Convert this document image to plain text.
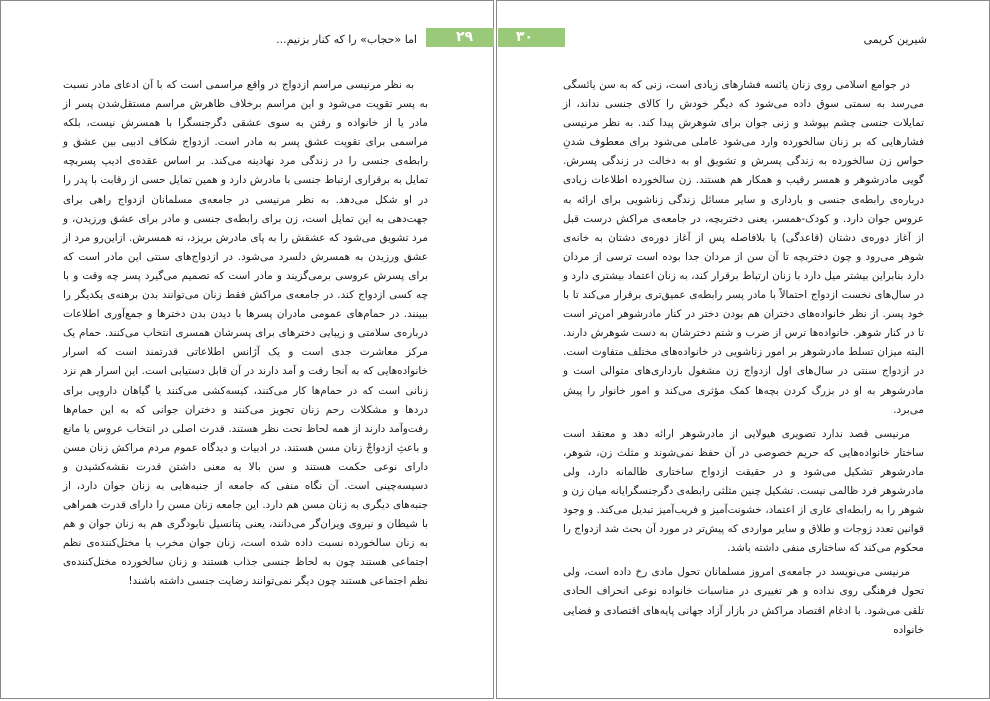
۲۹
اما «حجاب» را که کنار بزنیم...

به نظر مرنیسی مراسم ازدواج در واقع مراسمی است که با آن ادعای مادر نسبت به پسر تقویت می‌شود و این مراسم برخلاف ظاهرش مراسم مستقل‌شدن پسر از مادر یا از خانواده و رفتن به سوی عشقی دگرجنسگرا با همسرش نیست، بلکه مراسمی برای تقویت عشق پسر به مادر است. ازدواج شکاف ادبیی بین عشق و رابطه‌ی جنسی را در زندگی مرد نهادینه می‌کند. بر اساس عقده‌ی ادیپ پسربچه تمایل به برقراری ارتباط جنسی با مادرش دارد و همین تمایل حسی از رقابت با پدر را در او شکل می‌دهد. به نظر مرنیسی در جامعه‌ی مسلمانان ازدواج راهی برای جهت‌دهی به این تمایل است، زن برای رابطه‌ی جنسی و مادر برای عشق ورزیدن، و مرد تشویق می‌شود که عشقش را به پای مادرش بریزد، نه همسرش. ازاین‌رو مرد از عشق ورزیدن به همسرش دلسرد می‌شود. در ازدواج‌های سنتی این مادر است که برای پسرش عروسی برمی‌گزیند و مادر است که تصمیم می‌گیرد پسر چه وقت و با چه کسی ازدواج کند. در جامعه‌ی مراکش فقط زنان می‌توانند بدن برهنه‌ی یکدیگر را ببینند. در حمام‌های عمومی مادران پسرها با دیدن بدن دخترها و جمع‌آوری اطلاعات درباره‌ی سلامتی و زیبایی دخترهای برای پسرشان همسری انتخاب می‌کنند. حمام یک مرکز معاشرت جدی است و یک آژانس اطلاعاتی قدرتمند است که اسرار خانواده‌هایی که به آنجا رفت و آمد دارند در آن قابل دستیابی است. این اسرار هم نزد زنانی است که در حمام‌ها کار می‌کنند، کیسه‌کشی می‌کنند یا گیاهان دارویی برای دردها و مشکلات رحم زنان تجویز می‌کنند و دختران جوانی که به این حمام‌ها رفت‌وآمد دارند از همه لحاظ تحت نظر هستند. قدرت اصلی در انتخاب عروس یا مانع و باعثِ ازدواجْ زنان مسن هستند. در ادبیات و دیدگاه عموم مردم مراکش زنان مسن دارای نوعی حکمت هستند و سن بالا به معنی داشتن قدرت نقشه‌کشیدن و دسیسه‌چینی است. آن نگاه منفی که جامعه از جنبه‌هایی به زنان جوان دارد، از جنبه‌های دیگری به زنان مسن هم دارد. این جامعه زنان مسن را دارای قدرت همراهی با شیطان و نیروی ویران‌گر می‌دانند، یعنی پتانسیل نابودگری هم به زنان جوان و هم به زنان سالخورده نسبت داده شده است، زنان جوان مخرب یا مختل‌کننده‌ی نظم اجتماعی هستند چون به لحاظ جنسی جذاب هستند و زنان سالخورده مختل‌کننده‌ی نظم اجتماعی هستند چون دیگر نمی‌توانند رضایت جنسی داشته باشند!

۳۰	شیرین کریمی

در جوامع اسلامی روی زنان یائسه فشارهای زیادی است، زنی که به سن یائسگی می‌رسد به سمتی سوق داده می‌شود که دیگر خودش را کالای جنسی نداند، از تمایلات جنسی چشم بپوشد و زنی جوان برای شوهرش پیدا کند. به نظر مرنیسی فشارهایی که بر زنان سالخورده وارد می‌شود عاملی می‌شود برای معطوف شدنِ حواس زن سالخورده به زندگی پسرش و تشویق او به دخالت در زندگی پسرش. گویی مادرشوهر و همسر رقیب و همکار هم هستند. زن سالخورده اطلاعات زیادی درباره‌ی رابطه‌ی جنسی و بارداری و سایر مسائل زندگی زناشویی برای ارائه به عروس جوان دارد. و کودک-همسر، یعنی دختربچه، در جامعه‌ی مراکش درست قبل از آغاز دوره‌ی دشتان (قاعدگی) یا بلافاصله پس از آغاز دوره‌ی دشتان به خانه‌ی شوهر می‌رود و چون دختربچه تا آن سن از مردان جدا بوده است ترسی از مردان دارد بنابراین بیشتر میل دارد با زنان ارتباط برقرار کند، به زنان اعتماد بیشتری دارد و در سال‌های نخست ازدواج احتمالاً با مادر پسر رابطه‌ی عمیق‌تری برقرار می‌کند تا با خود پسر. از نظر خانواده‌های دختران هم بودن دختر در کنار مادرشوهر امن‌تر است تا در کنار شوهر. خانواده‌ها ترس از ضرب و شتم دخترشان به دست شوهرش دارند. البته میزان تسلط مادرشوهر بر امور زناشویی در خانواده‌های مختلف متفاوت است. در ازدواج سنتی در سال‌های اول ازدواج زن مشغول بارداری‌های متوالی است و مادرشوهر به او در بزرگ کردن بچه‌ها کمک مؤثری می‌کند و امور خانوار را پیش می‌برد.

مرنیسی قصد ندارد تصویری هیولایی از مادرشوهر ارائه دهد و معتقد است ساختار خانواده‌هایی که حریم خصوصی در آن حفظ نمی‌شوند و مثلث زن، شوهر، مادرشوهر تشکیل می‌شود و در حقیقت ازدواج ساختاری ظالمانه دارد، ولی مادرشوهر فرد ظالمی نیست. تشکیل چنین مثلثی رابطه‌ی دگرجنسگرایانه میان زن و شوهر را به رابطه‌ای عاری از اعتماد، خشونت‌آمیز و فریب‌آمیز تبدیل می‌کند. و وجود قوانین تعدد زوجات و طلاق و سایر مواردی که پیش‌تر در مورد آن بحث شد ازدواج را محکوم می‌کند که ساختاری منفی داشته باشد.

مرنیسی می‌نویسد در جامعه‌ی امروز مسلمانان تحول مادی رخ داده است، ولی تحول فرهنگی روی نداده و هر تغییری در مناسبات خانواده نوعی انحراف الحادی تلقی می‌شود. با ادغام اقتصاد مراکش در بازار آزاد جهانی پایه‌های اقتصادی و فضایی خانواده
